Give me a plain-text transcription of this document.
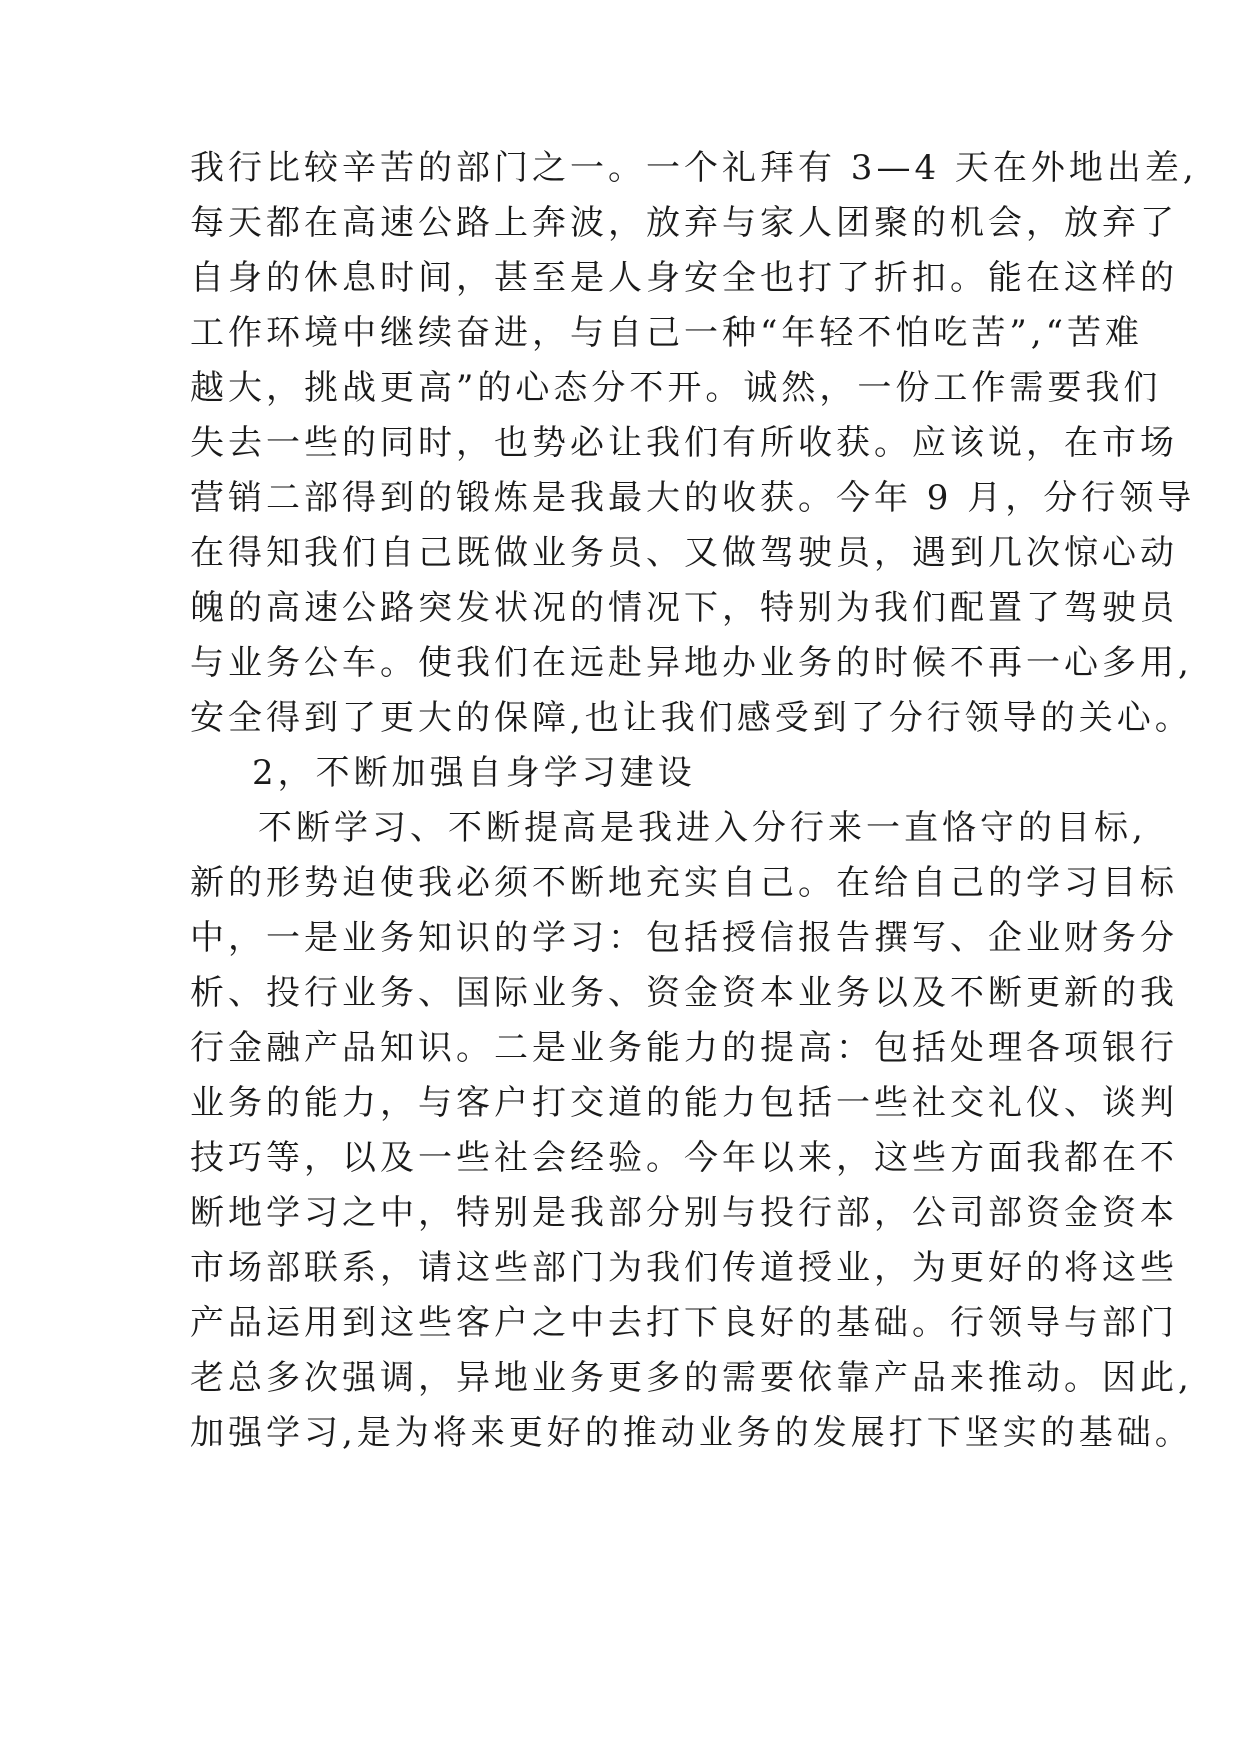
我行比较辛苦的部门之一。一个礼拜有 3—4 天在外地出差,
每天都在高速公路上奔波，放弃与家人团聚的机会，放弃了
自身的休息时间，甚至是人身安全也打了折扣。能在这样的
工作环境中继续奋进，与自己一种“年轻不怕吃苦”,“苦难
越大，挑战更高”的心态分不开。诚然，一份工作需要我们
失去一些的同时，也势必让我们有所收获。应该说，在市场
营销二部得到的锻炼是我最大的收获。今年 9 月，分行领导
在得知我们自己既做业务员、又做驾驶员，遇到几次惊心动
魄的高速公路突发状况的情况下，特别为我们配置了驾驶员
与业务公车。使我们在远赴异地办业务的时候不再一心多用,
安全得到了更大的保障,也让我们感受到了分行领导的关心。
2，不断加强自身学习建设
不断学习、不断提高是我进入分行来一直恪守的目标,
新的形势迫使我必须不断地充实自己。在给自己的学习目标
中，一是业务知识的学习：包括授信报告撰写、企业财务分
析、投行业务、国际业务、资金资本业务以及不断更新的我
行金融产品知识。二是业务能力的提高：包括处理各项银行
业务的能力，与客户打交道的能力包括一些社交礼仪、谈判
技巧等，以及一些社会经验。今年以来，这些方面我都在不
断地学习之中，特别是我部分别与投行部，公司部资金资本
市场部联系，请这些部门为我们传道授业，为更好的将这些
产品运用到这些客户之中去打下良好的基础。行领导与部门
老总多次强调，异地业务更多的需要依靠产品来推动。因此,
加强学习,是为将来更好的推动业务的发展打下坚实的基础。
